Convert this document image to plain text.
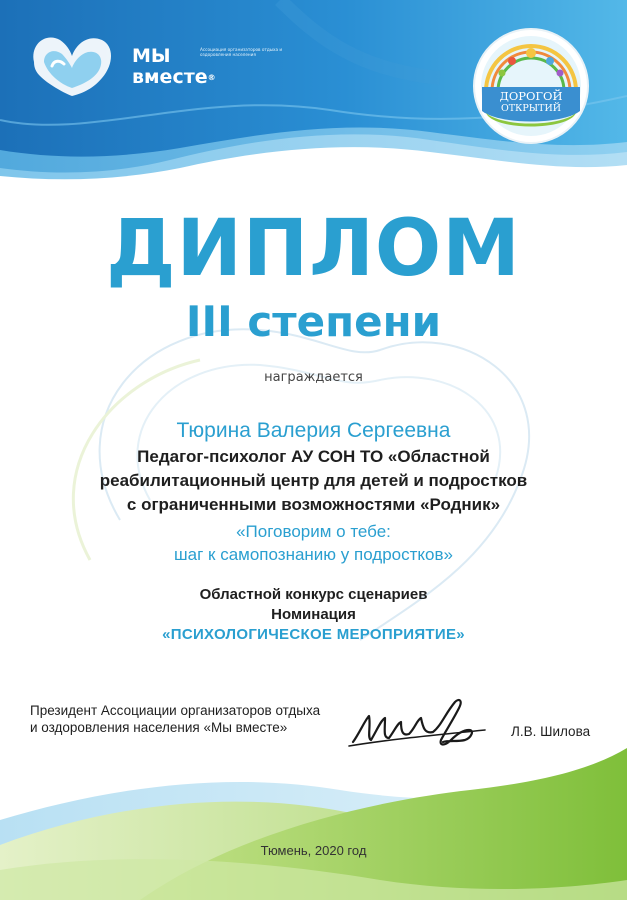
МЫ
вместе®
Ассоциация организаторов отдыха и оздоровления населения
ДОРОГОЙ
ОТКРЫТИЙ
ДИПЛОМ
III степени
награждается
Тюрина Валерия Сергеевна
Педагог-психолог АУ СОН ТО «Областной
реабилитационный центр для детей и подростков
с ограниченными возможностями «Родник»
«Поговорим о тебе:
шаг к самопознанию у подростков»
Областной конкурс сценариев
Номинация
«ПСИХОЛОГИЧЕСКОЕ МЕРОПРИЯТИЕ»
Президент Ассоциации организаторов отдыха
и оздоровления населения «Мы вместе»	Л.В. Шилова
Тюмень, 2020 год
